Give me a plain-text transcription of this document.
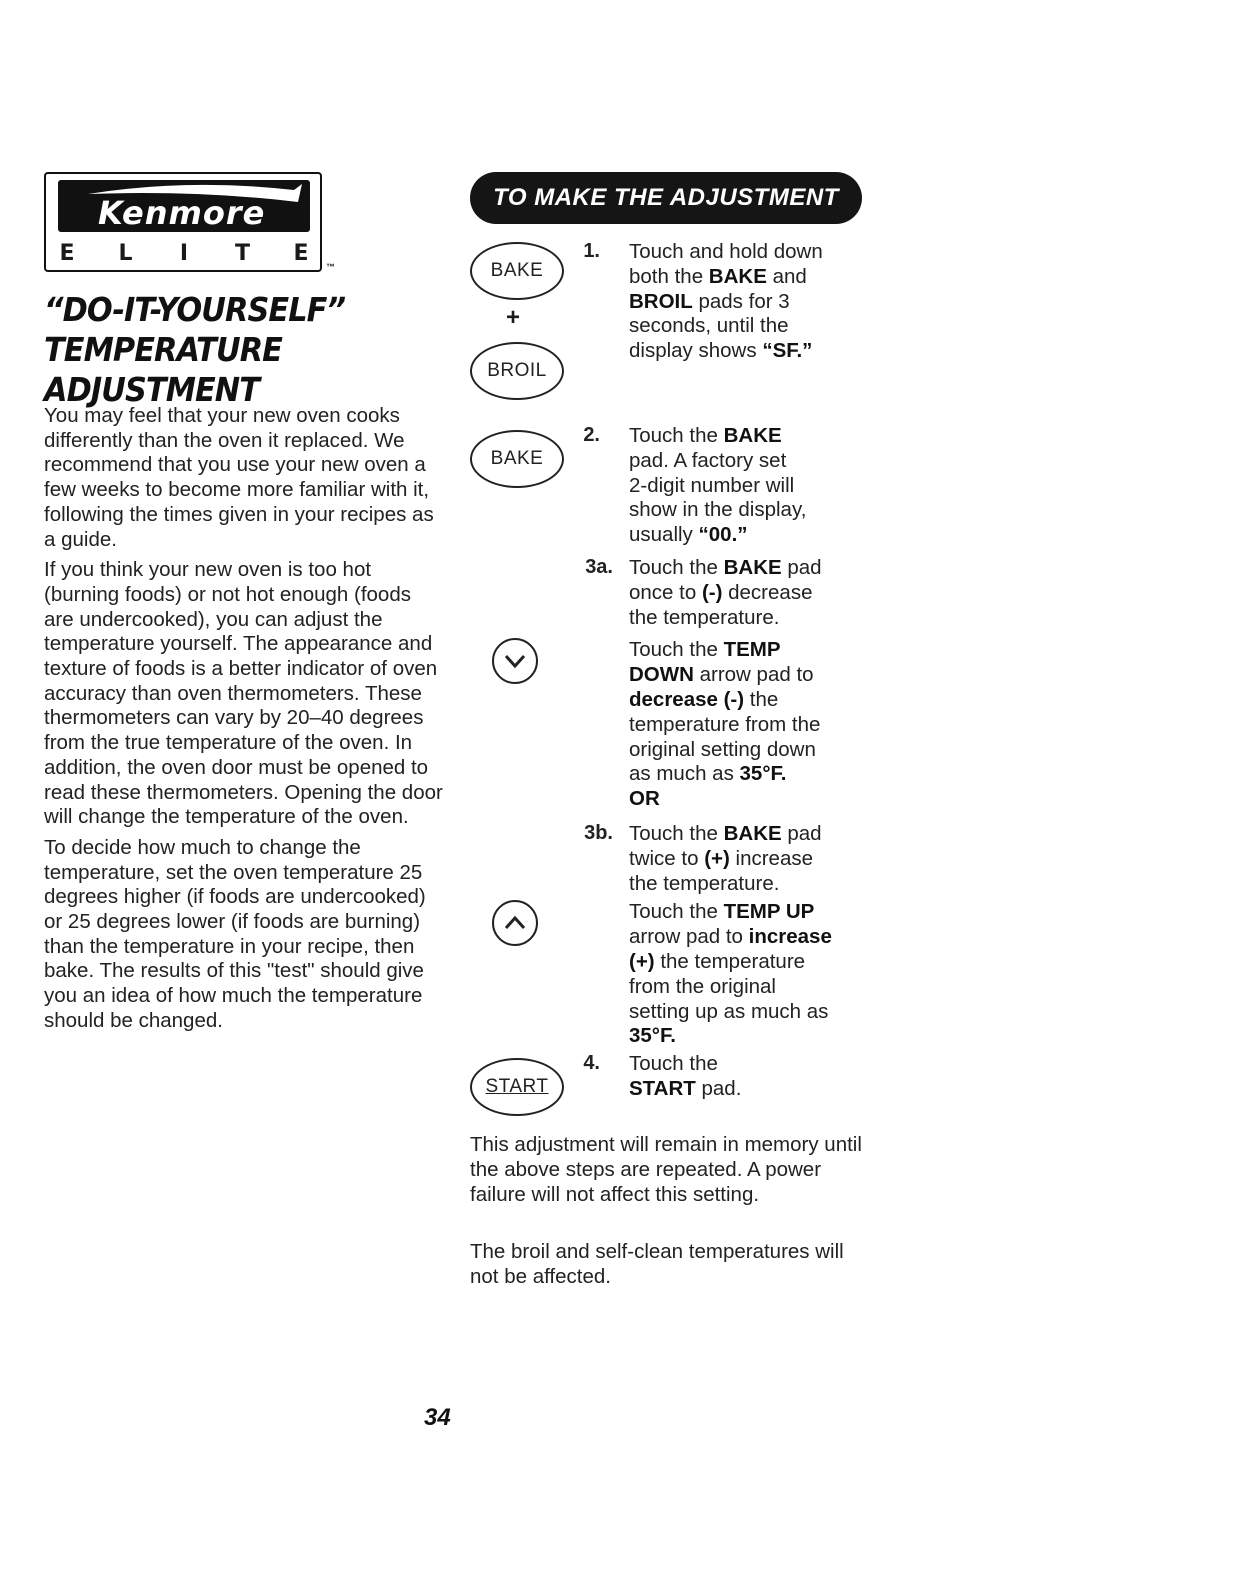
Kenmore
E L	I	T E
™
“DO-IT-YOURSELF”
TEMPERATURE
ADJUSTMENT

You may feel that your new oven cooks differently than the oven it replaced. We recommend that you use your new oven a few weeks to become more familiar with it, following the times given in your recipes as a guide.

If you think your new oven is too hot (burning foods) or not hot enough (foods are undercooked), you can adjust the temperature yourself. The appearance and texture of foods is a better indicator of oven accuracy than oven thermometers. These thermometers can vary by 20–40 degrees from the true temperature of the oven. In addition, the oven door must be opened to read these thermometers. Opening the door will change the temperature of the oven.

To decide how much to change the temperature, set the oven temperature 25 degrees higher (if foods are undercooked) or 25 degrees lower (if foods are burning) than the temperature in your recipe, then bake. The results of this "test" should give you an idea of how much the temperature should be changed.

TO MAKE THE ADJUSTMENT
BAKE
+
BROIL
BAKE
START
1. Touch and hold down
both the BAKE and
BROIL pads for 3
seconds, until the
display shows “SF.”
2. Touch the BAKE
pad. A factory set
2-digit number will
show in the display,
usually “00.”
3a. Touch the BAKE pad
once to (-) decrease
the temperature.
Touch the TEMP
DOWN arrow pad to
decrease (-) the
temperature from the
original setting down
as much as 35°F.
OR
3b. Touch the BAKE pad
twice to (+) increase
the temperature.
Touch the TEMP UP
arrow pad to increase
(+) the temperature
from the original
setting up as much as
35°F.
4. Touch the
START pad.

This adjustment will remain in memory until the above steps are repeated. A power failure will not affect this setting.

The broil and self-clean temperatures will not be affected.

34
